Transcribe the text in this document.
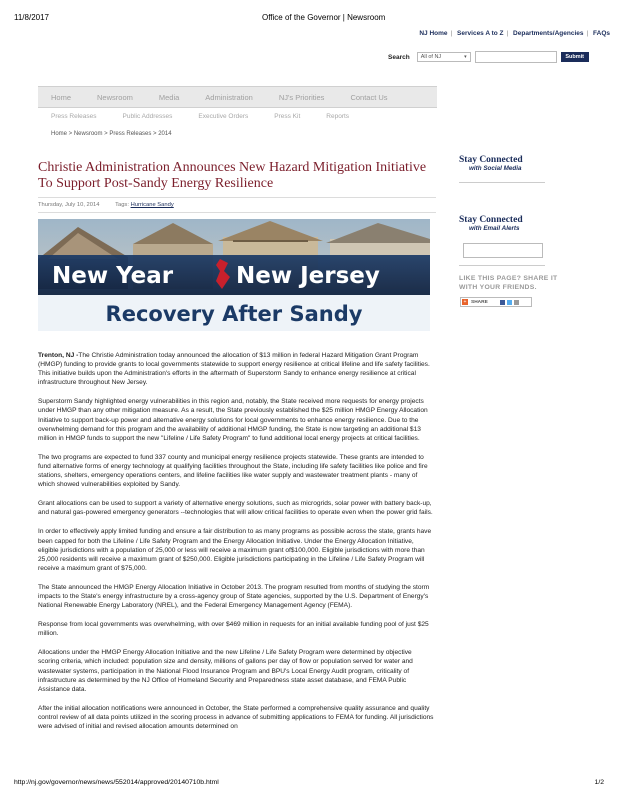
11/8/2017	Office of the Governor | Newsroom
NJ Home | Services A to Z | Departments/Agencies | FAQs
Search All of NJ	▾	Submit
Home	Newsroom	Media	Administration	NJ's Priorities	Contact Us
Press Releases	Public Addresses	Executive Orders	Press Kit	Reports
Home > Newsroom > Press Releases > 2014
Christie Administration Announces New Hazard Mitigation Initiative To Support Post-Sandy Energy Resilience
Thursday, July 10, 2014	Tags: Hurricane Sandy
New Year	New Jersey
Recovery After Sandy

Trenton, NJ -The Christie Administration today announced the allocation of $13 million in federal Hazard Mitigation Grant Program (HMGP) funding to provide grants to local governments statewide to support energy resilience at critical lifeline and life safety facilities. This initiative builds upon the Administration's efforts in the aftermath of Superstorm Sandy to enhance energy resilience at critical infrastructure throughout New Jersey.

Superstorm Sandy highlighted energy vulnerabilities in this region and, notably, the State received more requests for energy projects under HMGP than any other mitigation measure. As a result, the State previously established the $25 million HMGP Energy Allocation Initiative to support back-up power and alternative energy solutions for local governments to enhance energy resilience. Due to the overwhelming demand for this program and the availability of additional HMGP funding, the State is now targeting an additional $13 million in HMGP funds to support the new "Lifeline / Life Safety Program" to fund additional local energy projects at critical facilities.

The two programs are expected to fund 337 county and municipal energy resilience projects statewide. These grants are intended to fund alternative forms of energy technology at qualifying facilities throughout the State, including life safety facilities like police and fire stations, shelters, emergency operations centers, and lifeline facilities like water supply and wastewater treatment plants - many of which showed vulnerabilities exploited by Sandy.

Grant allocations can be used to support a variety of alternative energy solutions, such as microgrids, solar power with battery back-up, and natural gas-powered emergency generators --technologies that will allow critical facilities to operate even when the power grid fails.

In order to effectively apply limited funding and ensure a fair distribution to as many programs as possible across the state, grants have been capped for both the Lifeline / Life Safety Program and the Energy Allocation Initiative. Under the Energy Allocation Initiative, eligible jurisdictions with a population of 25,000 or less will receive a maximum grant of$100,000. Eligible jurisdictions with more than 25,000 residents will receive a maximum grant of $250,000. Eligible jurisdictions participating in the Lifeline / Life Safety Program will receive a maximum grant of $75,000.

The State announced the HMGP Energy Allocation Initiative in October 2013. The program resulted from months of studying the storm impacts to the State's energy infrastructure by a cross-agency group of State agencies, supported by the U.S. Department of Energy's National Renewable Energy Laboratory (NREL), and the Federal Emergency Management Agency (FEMA).

Response from local governments was overwhelming, with over $469 million in requests for an initial available funding pool of just $25 million.

Allocations under the HMGP Energy Allocation Initiative and the new Lifeline / Life Safety Program were determined by objective scoring criteria, which included: population size and density, millions of gallons per day of flow or population served for water and wastewater systems, participation in the National Flood Insurance Program and BPU's Local Energy Audit program, criticality of infrastructure as determined by the NJ Office of Homeland Security and Preparedness state asset database, and FEMA Public Assistance data.

After the initial allocation notifications were announced in October, the State performed a comprehensive quality assurance and quality control review of all data points utilized in the scoring process in advance of submitting applications to FEMA for funding. All jurisdictions were advised of initial and revised allocation amounts determined on

Stay Connected
with Social Media
Stay Connected
with Email Alerts
LIKE THIS PAGE? SHARE IT WITH YOUR FRIENDS.
+ SHARE
http://nj.gov/governor/news/news/552014/approved/20140710b.html	1/2
